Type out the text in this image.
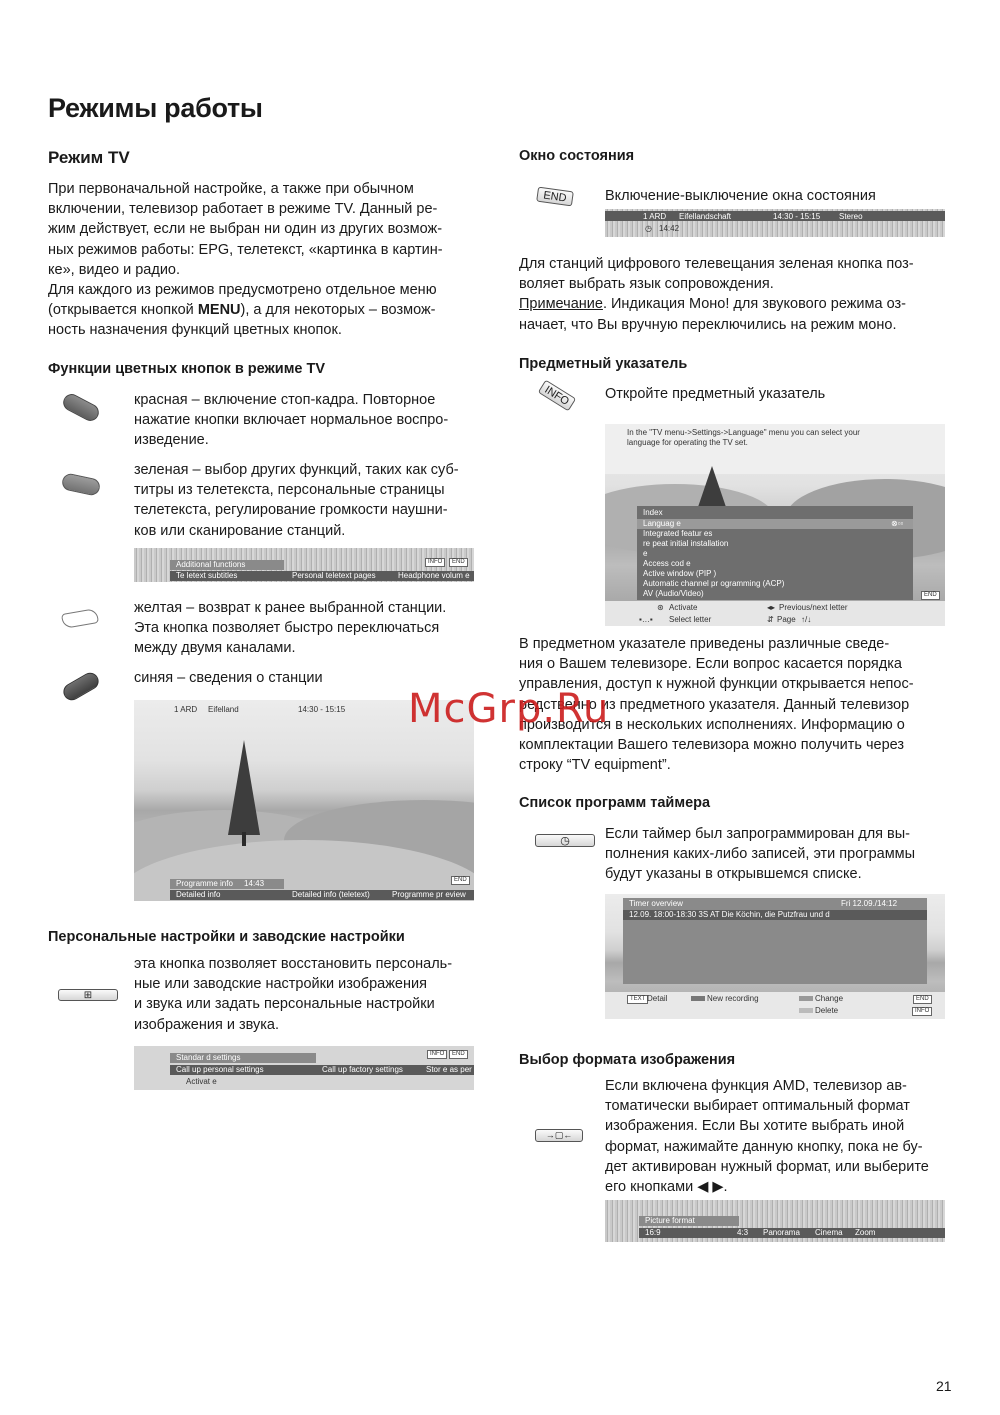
Режимы работы
Режим TV
При первоначальной настройке, а также при обычном
включении, телевизор работает в режиме TV. Данный ре-
жим действует, если не выбран ни один из других возмож-
ных режимов работы: EPG, телетекст, «картинка в картин-
ке», видео и радио.
Для каждого из режимов предусмотрено отдельное меню
(открывается кнопкой MENU), а для некоторых – возмож-
ность назначения функций цветных кнопок.
Функции цветных кнопок в режиме TV
красная – включение стоп-кадра. Повторное
нажатие кнопки включает нормальное воспро-
изведение.
зеленая – выбор других функций, таких как суб-
титры из телетекста, персональные страницы
телетекста, регулирование громкости наушни-
ков или сканирование станций.
INFO	END
Additional functions
Te letext subtitles	Personal teletext pages	Headphone volum e
желтая – возврат к ранее выбранной станции.
Эта кнопка позволяет быстро переключаться
между двумя каналами.
синяя – сведения о станции
1 ARD Eifelland	14:30 - 15:15
END
Programme info 14:43
Detailed info	Detailed info (teletext)	Programme pr eview
Персональные настройки и заводские настройки
⊞
эта кнопка позволяет восстановить персональ-
ные или заводские настройки изображения
и звука или задать персональные настройки
изображения и звука.
INFO	END
Standar d settings
Call up personal settings	Call up factory settings	Stor e as per
Activat e
Окно состояния
END	Включение-выключение окна состояния
1 ARD Eifellandschaft	14:30 - 15:15 Stereo
◷ 14:42
Для станций цифрового телевещания зеленая кнопка поз-
воляет выбрать язык сопровождения.
Примечание. Индикация Моно! для звукового режима оз-
начает, что Вы вручную переключились на режим моно.
Предметный указатель
INFO	Откройте предметный указатель
In the "TV menu->Settings->Language" menu you can select your
language for operating the TV set.
Index
Languag e	⊗▫▫
Integrated featur es
re peat initial installation
e
Access cod e
Active window (PIP )
Automatic channel pr ogramming (ACP)
AV (Audio/Video)	END
⊛ Activate	◂▸ Previous/next letter
▪…▪ Select letter	⇵ Page ↑/↓
В предметном указателе приведены различные сведе-
ния о Вашем телевизоре. Если вопрос касается порядка
управления, доступ к нужной функции открывается непос-
редственно из предметного указателя. Данный телевизор
производится в нескольких исполнениях. Информацию о
комплектации Вашего телевизора можно получить через
строку “TV equipment”.
McGrp.Ru
Список программ таймера
◷	Если таймер был запрограммирован для вы-
полнения каких-либо записей, эти программы
будут указаны в открывшемся списке.
Timer overview	Fri 12.09./14:12
12.09. 18:00-18:30 3S AT Die Köchin, die Putzfrau und d
TEXT Detail	New recording	Change
Delete
END
INFO
Выбор формата изображения
→▢←
Если включена функция AMD, телевизор ав-
томатически выбирает оптимальный формат
изображения. Если Вы хотите выбрать иной
формат, нажимайте данную кнопку, пока не бу-
дет активирован нужный формат, или выберите
его кнопками ◀ ▶.
Picture format
16:9	4:3	Panorama	Cinema	Zoom
21
